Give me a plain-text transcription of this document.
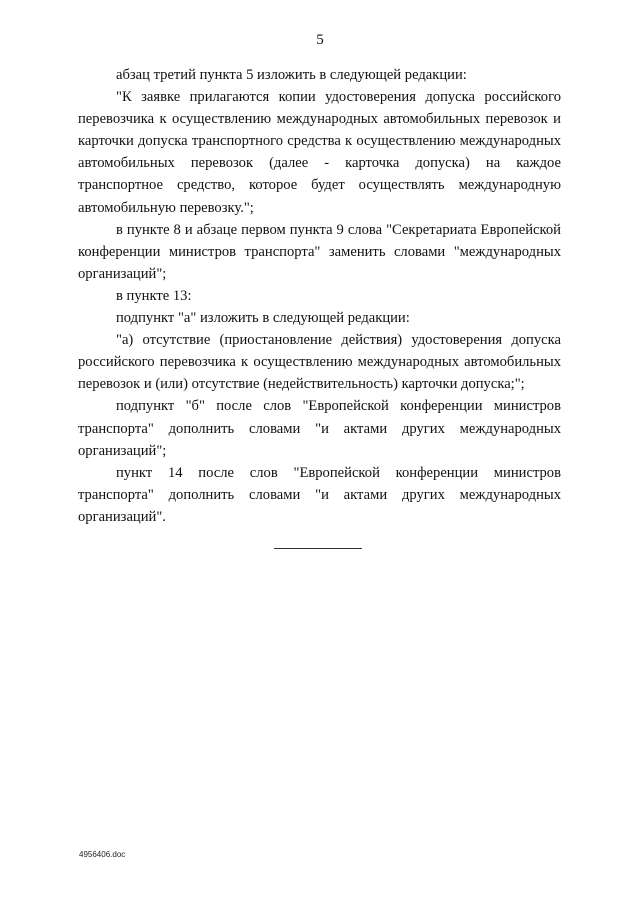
5

абзац третий пункта 5 изложить в следующей редакции:

"К заявке прилагаются копии удостоверения допуска российского перевозчика к осуществлению международных автомобильных перевозок и карточки допуска транспортного средства к осуществлению международных автомобильных перевозок (далее - карточка допуска) на каждое транспортное средство, которое будет осуществлять международную автомобильную перевозку.";

в пункте 8 и абзаце первом пункта 9 слова "Секретариата Европейской конференции министров транспорта" заменить словами "международных организаций";

в пункте 13:

подпункт "а" изложить в следующей редакции:

"а) отсутствие (приостановление действия) удостоверения допуска российского перевозчика к осуществлению международных автомобильных перевозок и (или) отсутствие (недействительность) карточки допуска;";

подпункт "б" после слов "Европейской конференции министров транспорта" дополнить словами "и актами других международных организаций";

пункт 14 после слов "Европейской конференции министров транспорта" дополнить словами "и актами других международных организаций".

4956406.doc
